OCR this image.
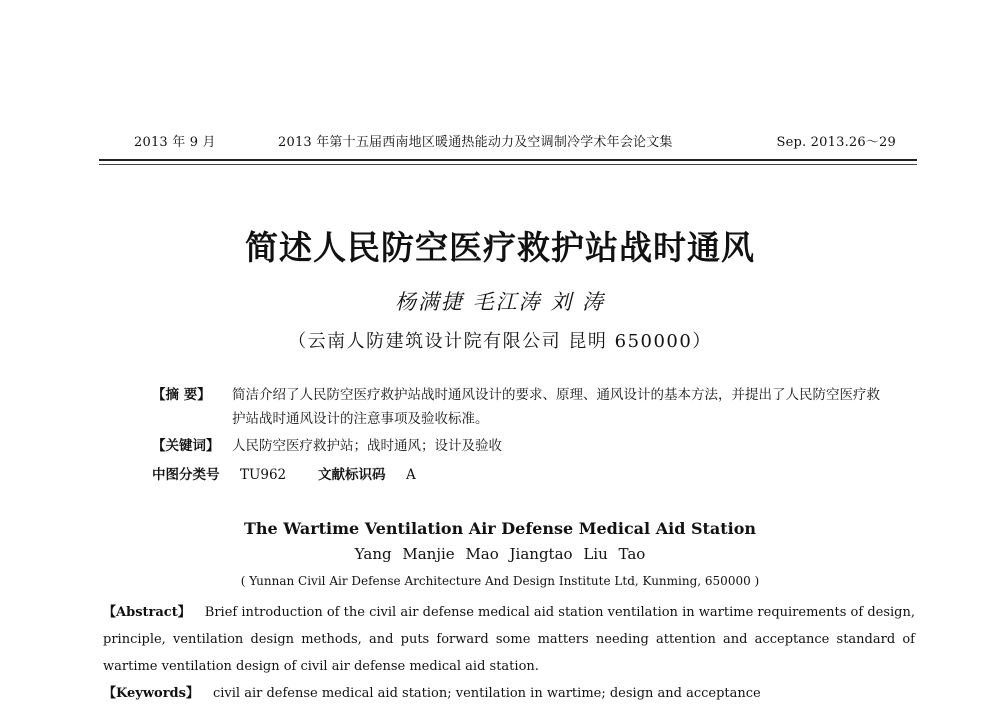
2013 年 9 月	2013 年第十五届西南地区暖通热能动力及空调制冷学术年会论文集	Sep. 2013.26～29
简述人民防空医疗救护站战时通风
杨满捷 毛江涛 刘 涛
（云南人防建筑设计院有限公司 昆明 650000）
【摘 要】 简洁介绍了人民防空医疗救护站战时通风设计的要求、原理、通风设计的基本方法，并提出了人民防空医疗救护站战时通风设计的注意事项及验收标准。
【关键词】 人民防空医疗救护站；战时通风；设计及验收
中图分类号 TU962 文献标识码 A
The Wartime Ventilation Air Defense Medical Aid Station
Yang Manjie Mao Jiangtao Liu Tao
( Yunnan Civil Air Defense Architecture And Design Institute Ltd, Kunming, 650000 )
【Abstract】 Brief introduction of the civil air defense medical aid station ventilation in wartime requirements of design, principle, ventilation design methods, and puts forward some matters needing attention and acceptance standard of wartime ventilation design of civil air defense medical aid station.
【Keywords】 civil air defense medical aid station; ventilation in wartime; design and acceptance
